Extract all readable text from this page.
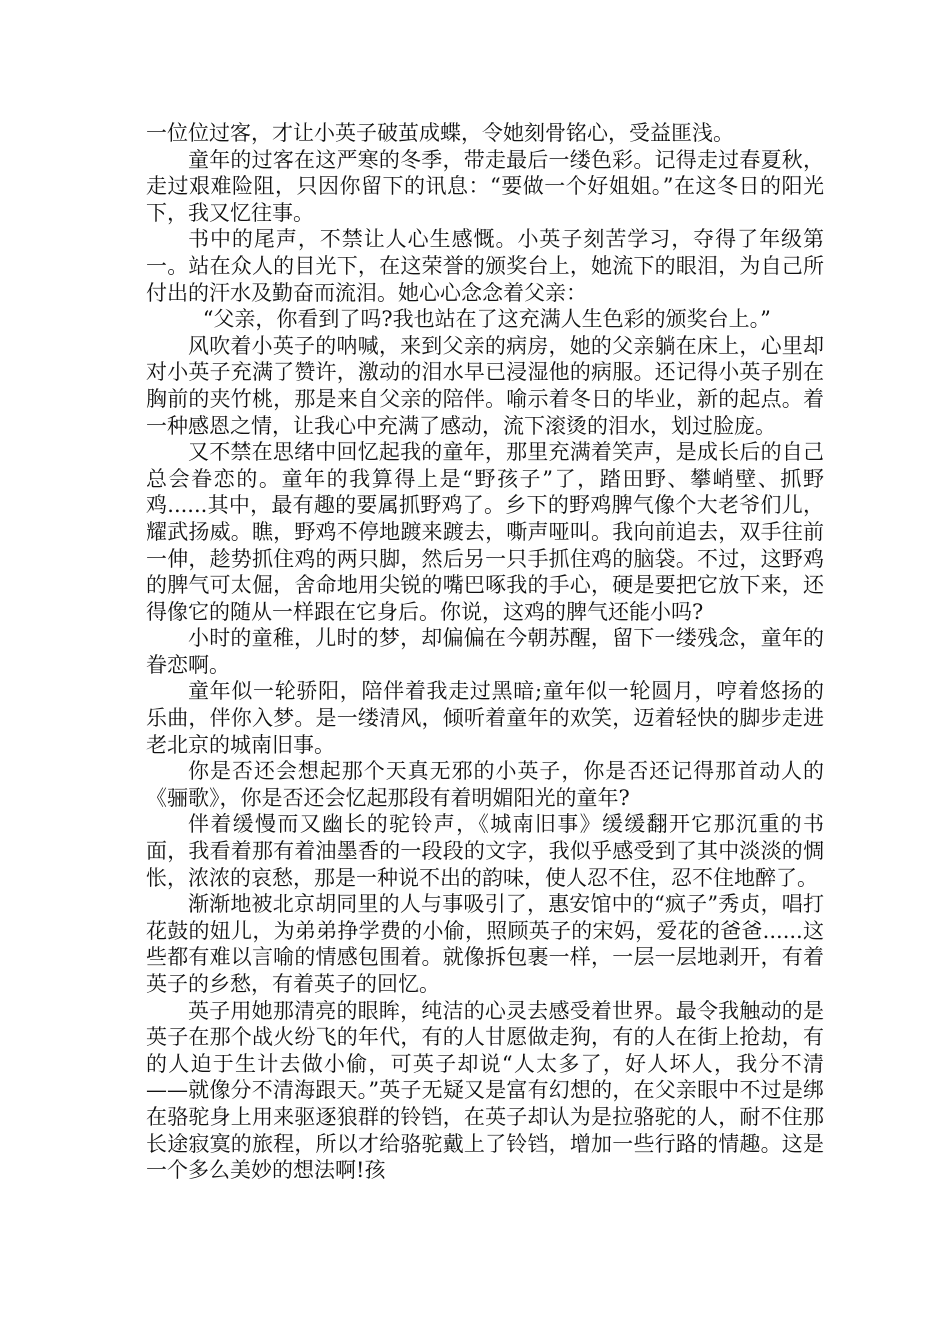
一位位过客，才让小英子破茧成蝶，令她刻骨铭心，受益匪浅。

童年的过客在这严寒的冬季，带走最后一缕色彩。记得走过春夏秋，走过艰难险阻，只因你留下的讯息：“要做一个好姐姐。”在这冬日的阳光下，我又忆往事。

书中的尾声，不禁让人心生感慨。小英子刻苦学习，夺得了年级第一。站在众人的目光下，在这荣誉的颁奖台上，她流下的眼泪，为自己所付出的汗水及勤奋而流泪。她心心念念着父亲：

“父亲，你看到了吗?我也站在了这充满人生色彩的颁奖台上。”

风吹着小英子的呐喊，来到父亲的病房，她的父亲躺在床上，心里却对小英子充满了赞许，激动的泪水早已浸湿他的病服。还记得小英子别在胸前的夹竹桃，那是来自父亲的陪伴。喻示着冬日的毕业，新的起点。着一种感恩之情，让我心中充满了感动，流下滚烫的泪水，划过脸庞。

又不禁在思绪中回忆起我的童年，那里充满着笑声，是成长后的自己总会眷恋的。童年的我算得上是“野孩子”了，踏田野、攀峭壁、抓野鸡......其中，最有趣的要属抓野鸡了。乡下的野鸡脾气像个大老爷们儿，耀武扬威。瞧，野鸡不停地踱来踱去，嘶声哑叫。我向前追去，双手往前一伸，趁势抓住鸡的两只脚，然后另一只手抓住鸡的脑袋。不过，这野鸡的脾气可太倔，舍命地用尖锐的嘴巴啄我的手心，硬是要把它放下来，还得像它的随从一样跟在它身后。你说，这鸡的脾气还能小吗?

小时的童稚，儿时的梦，却偏偏在今朝苏醒，留下一缕残念，童年的眷恋啊。

童年似一轮骄阳，陪伴着我走过黑暗;童年似一轮圆月，哼着悠扬的乐曲，伴你入梦。是一缕清风，倾听着童年的欢笑，迈着轻快的脚步走进老北京的城南旧事。

你是否还会想起那个天真无邪的小英子，你是否还记得那首动人的《骊歌》，你是否还会忆起那段有着明媚阳光的童年?

伴着缓慢而又幽长的驼铃声，《城南旧事》缓缓翻开它那沉重的书面，我看着那有着油墨香的一段段的文字，我似乎感受到了其中淡淡的惆怅，浓浓的哀愁，那是一种说不出的韵味，使人忍不住，忍不住地醉了。

渐渐地被北京胡同里的人与事吸引了，惠安馆中的“疯子”秀贞，唱打花鼓的妞儿，为弟弟挣学费的小偷，照顾英子的宋妈，爱花的爸爸......这些都有难以言喻的情感包围着。就像拆包裹一样，一层一层地剥开，有着英子的乡愁，有着英子的回忆。

英子用她那清亮的眼眸，纯洁的心灵去感受着世界。最令我触动的是英子在那个战火纷飞的年代，有的人甘愿做走狗，有的人在街上抢劫，有的人迫于生计去做小偷，可英子却说“人太多了，好人坏人，我分不清——就像分不清海跟天。”英子无疑又是富有幻想的，在父亲眼中不过是绑在骆驼身上用来驱逐狼群的铃铛，在英子却认为是拉骆驼的人，耐不住那长途寂寞的旅程，所以才给骆驼戴上了铃铛，增加一些行路的情趣。这是一个多么美妙的想法啊!孩
